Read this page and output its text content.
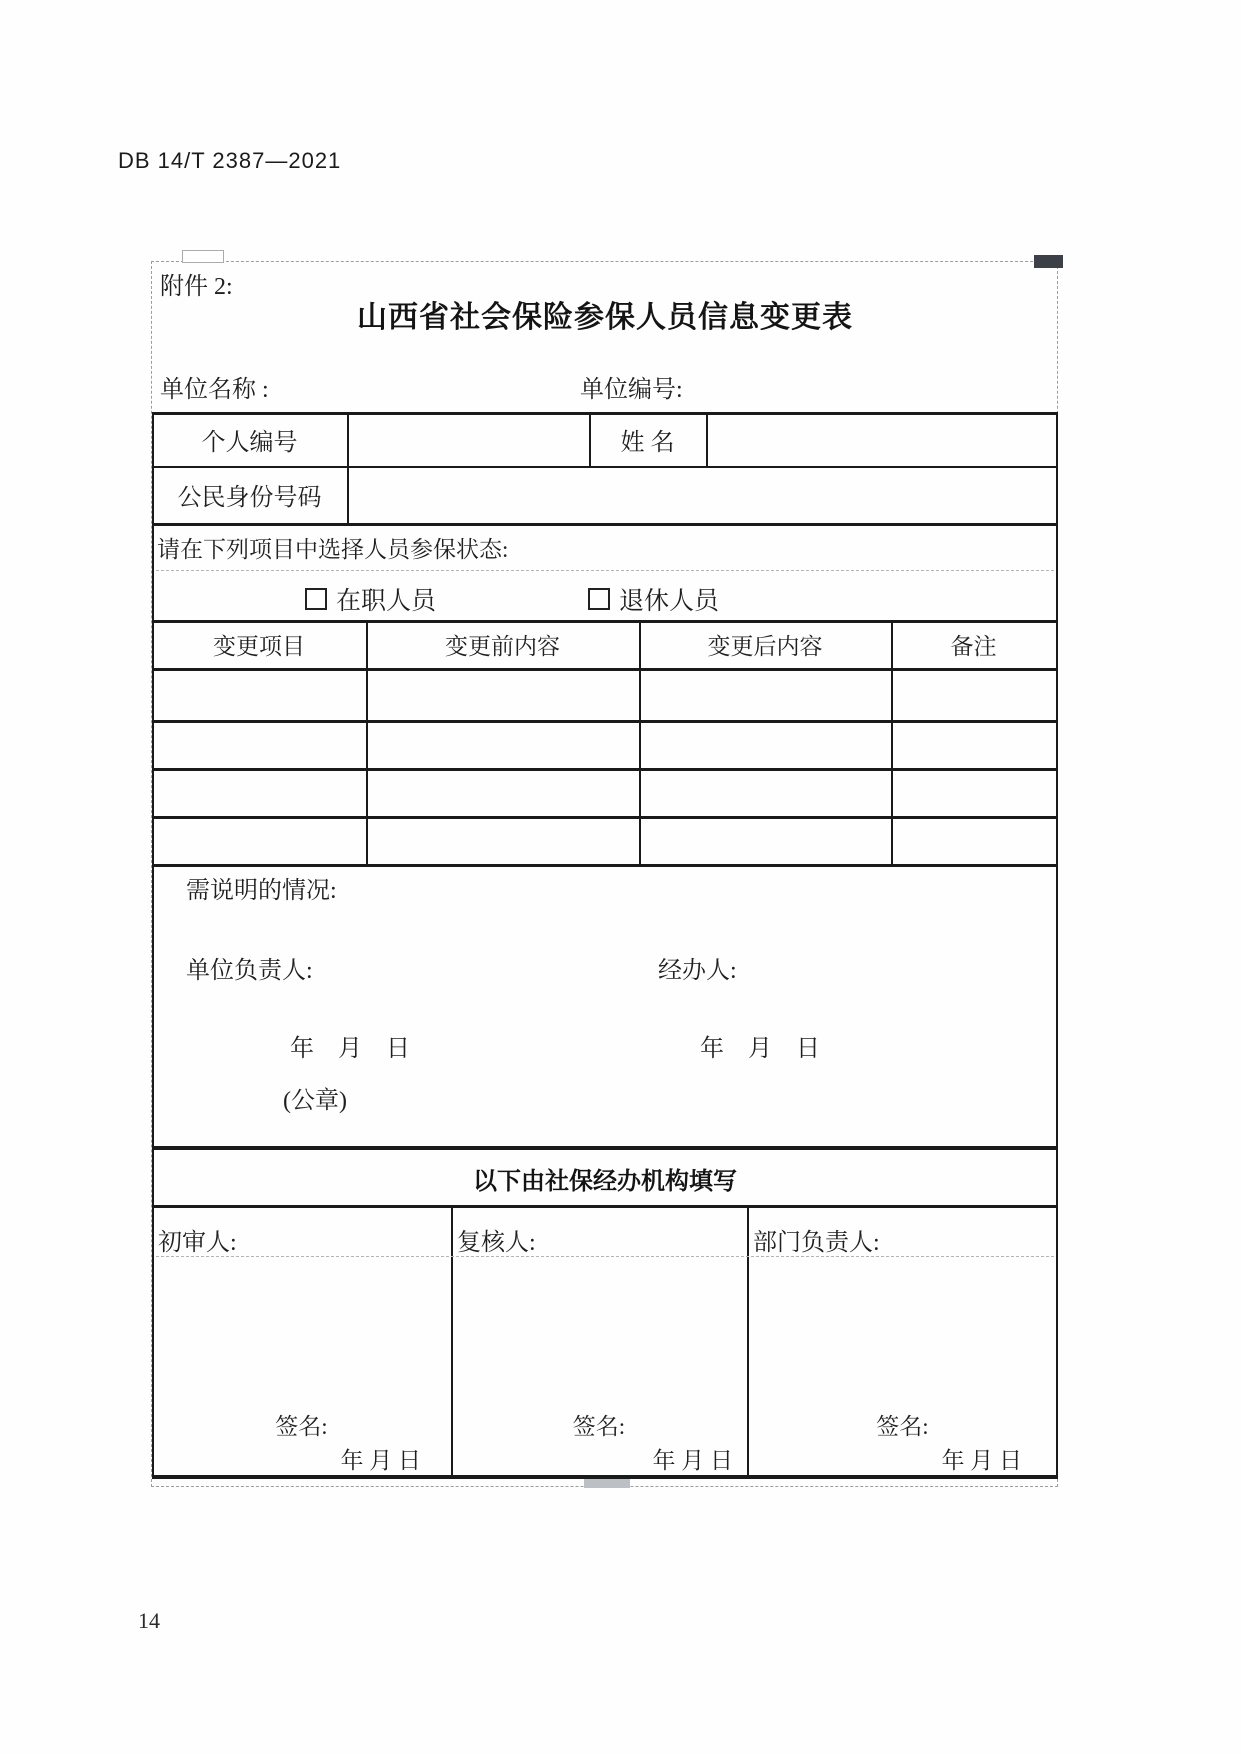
DB 14/T 2387—2021
附件 2:
山西省社会保险参保人员信息变更表
单位名称 :	单位编号:
个人编号	姓 名
公民身份号码
请在下列项目中选择人员参保状态:
在职人员	退休人员
变更项目	变更前内容	变更后内容	备注
需说明的情况:
单位负责人:	经办人:
年　月　日	年　月　日
(公章)
以下由社保经办机构填写
初审人:	复核人:	部门负责人:
签名:	签名:	签名:
年 月 日	年 月 日	年 月 日
14
